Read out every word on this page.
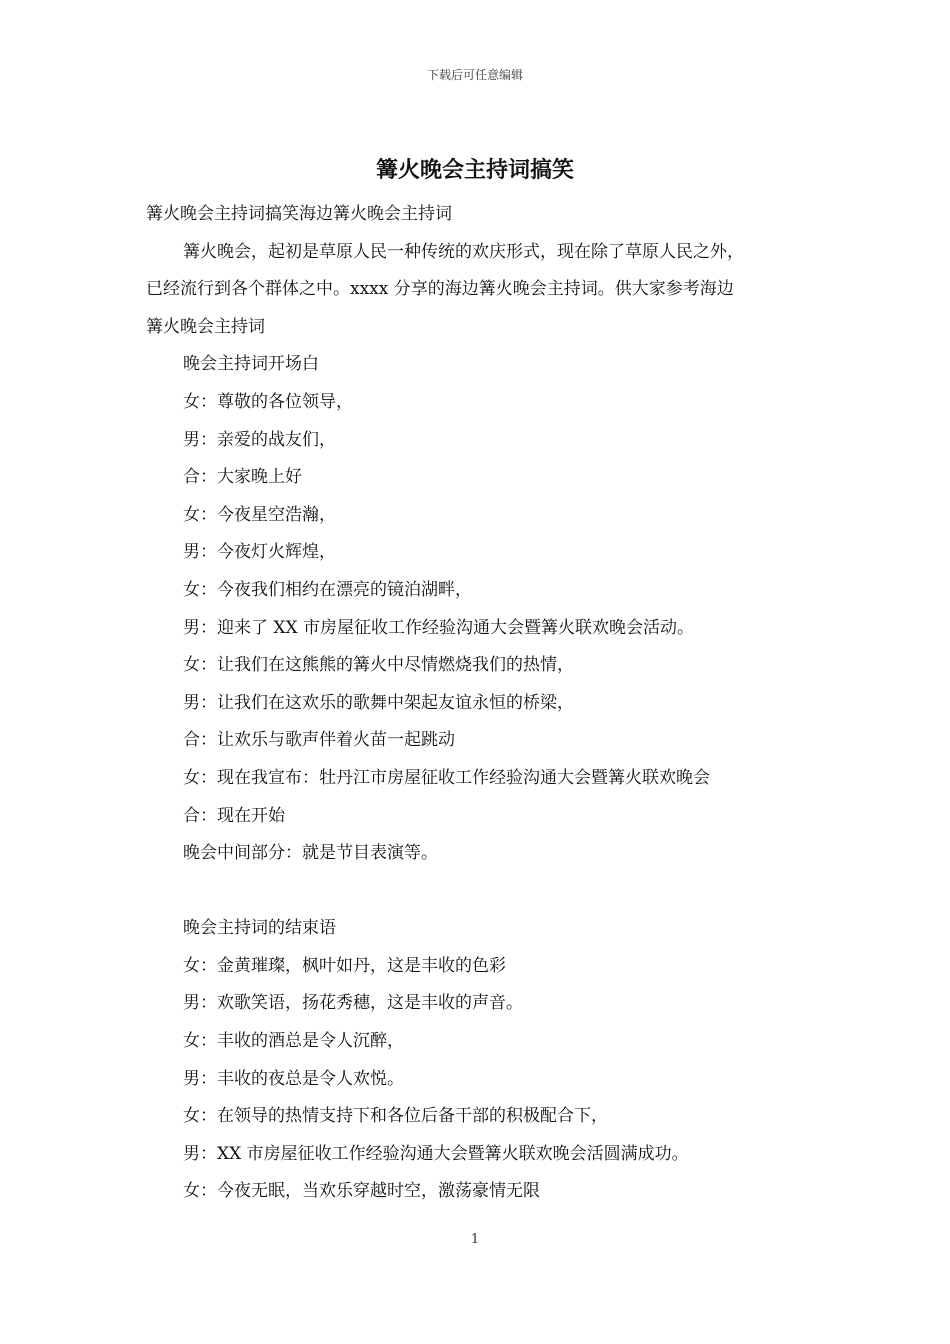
下载后可任意编辑
篝火晚会主持词搞笑
篝火晚会主持词搞笑海边篝火晚会主持词
篝火晚会，起初是草原人民一种传统的欢庆形式，现在除了草原人民之外，
已经流行到各个群体之中。xxxx 分享的海边篝火晚会主持词。供大家参考海边
篝火晚会主持词
晚会主持词开场白
女：尊敬的各位领导，
男：亲爱的战友们，
合：大家晚上好
女：今夜星空浩瀚，
男：今夜灯火辉煌，
女：今夜我们相约在漂亮的镜泊湖畔，
男：迎来了 XX 市房屋征收工作经验沟通大会暨篝火联欢晚会活动。
女：让我们在这熊熊的篝火中尽情燃烧我们的热情，
男：让我们在这欢乐的歌舞中架起友谊永恒的桥梁，
合：让欢乐与歌声伴着火苗一起跳动
女：现在我宣布：牡丹江市房屋征收工作经验沟通大会暨篝火联欢晚会
合：现在开始
晚会中间部分：就是节目表演等。
晚会主持词的结束语
女：金黄璀璨，枫叶如丹，这是丰收的色彩
男：欢歌笑语，扬花秀穗，这是丰收的声音。
女：丰收的酒总是令人沉醉，
男：丰收的夜总是令人欢悦。
女：在领导的热情支持下和各位后备干部的积极配合下，
男：XX 市房屋征收工作经验沟通大会暨篝火联欢晚会活圆满成功。
女：今夜无眠，当欢乐穿越时空，激荡豪情无限
1
